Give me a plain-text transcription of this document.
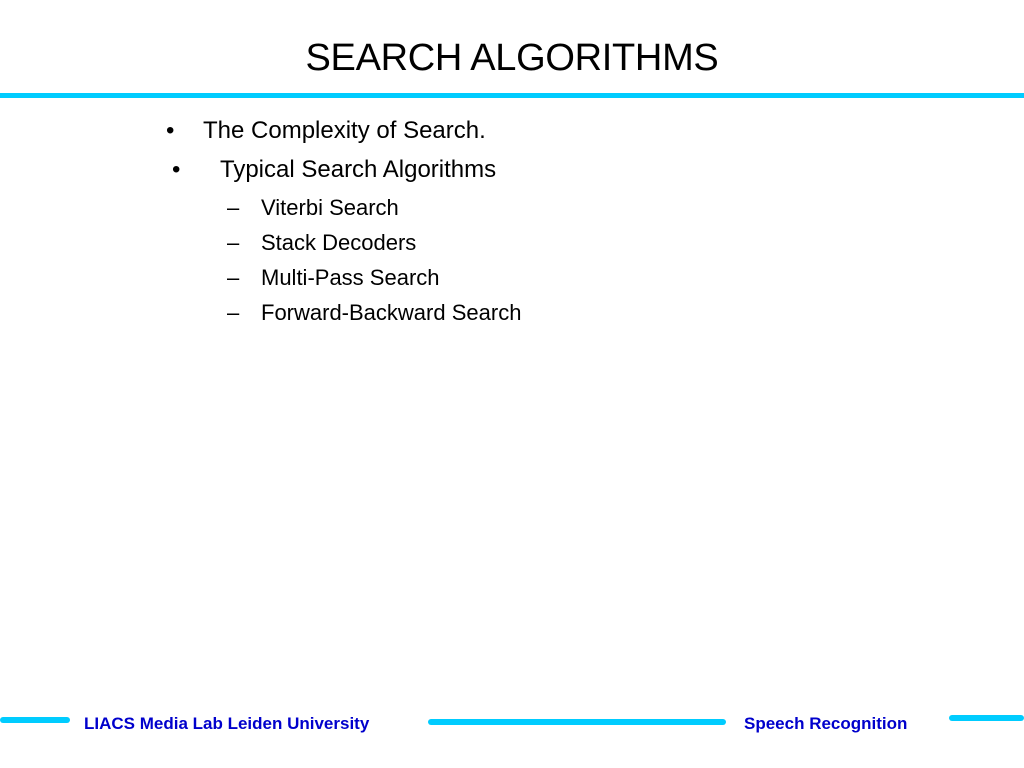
SEARCH ALGORITHMS
• The Complexity of Search.
• Typical Search Algorithms
– Viterbi Search
– Stack Decoders
– Multi-Pass Search
– Forward-Backward Search
LIACS Media Lab Leiden University	Speech Recognition
